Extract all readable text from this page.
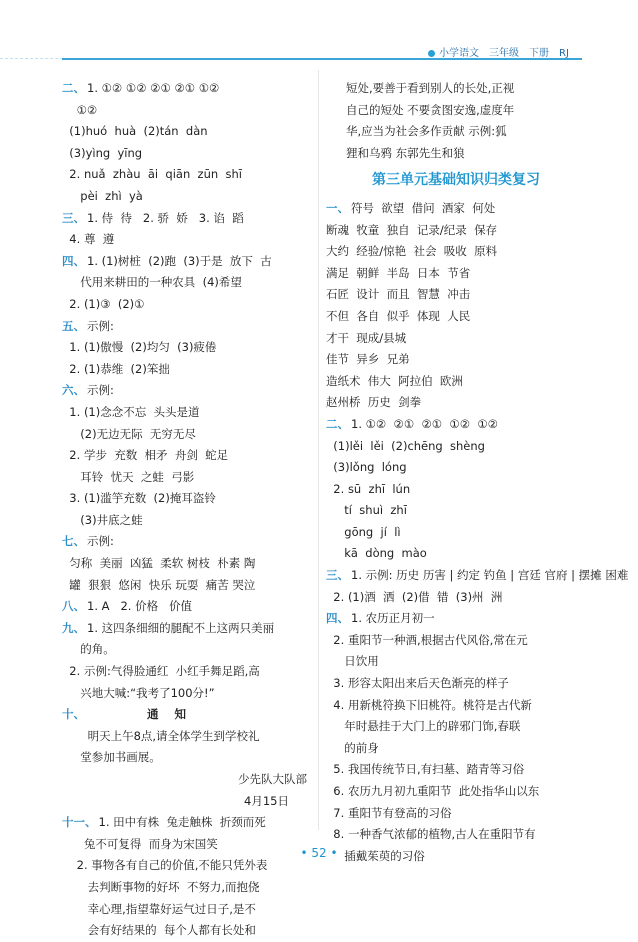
小学语文 三年级 下册 RJ
二、 1. ①② ①② ②① ②① ①②
①②
(1)huó  huà  (2)tán  dàn
(3)yìng  yīng
2. nuǎ  zhàu  āi  qiān  zūn  shī
pèi  zhì  yà
三、 1. 侍  待   2. 骄  娇   3. 谄  蹈
4. 尊  遵
四、 1. (1)树桩  (2)跑  (3)于是  放下  古
代用来耕田的一种农具  (4)希望
2. (1)③  (2)①
五、 示例:
1. (1)傲慢  (2)均匀  (3)疲倦
2. (1)恭维  (2)笨拙
六、 示例:
1. (1)念念不忘  头头是道
(2)无边无际  无穷无尽
2. 学步  充数  相矛  舟剑  蛇足
耳铃  忧天  之蛙  弓影
3. (1)滥竽充数  (2)掩耳盗铃
(3)井底之蛙
七、 示例:
匀称  美丽  凶猛  柔软 树枝  朴素 陶
罐  狠狠  悠闲  快乐 玩耍  痛苦 哭泣
八、 1. A   2. 价格   价值
九、 1. 这四条细细的腿配不上这两只美丽
的角。
2. 示例:气得脸通红  小红手舞足蹈,高
兴地大喊:“我考了100分!”
十、	通 知
明天上午8点,请全体学生到学校礼
堂参加书画展。
少先队大队部
4月15日
十一、 1. 田中有株  兔走触株  折颈而死
兔不可复得  而身为宋国笑
2. 事物各有自己的价值,不能只凭外表
去判断事物的好坏  不努力,而抱侥
幸心理,指望靠好运气过日子,是不
会有好结果的  每个人都有长处和
短处,要善于看到别人的长处,正视
自己的短处 不要贪图安逸,虚度年
华,应当为社会多作贡献 示例:狐
狸和乌鸦 东郭先生和狼
第三单元基础知识归类复习
一、 符号  欲望  借问  酒家  何处
断魂  牧童  独自  记录/纪录  保存
大约  经验/惊艳  社会  吸收  原料
满足  朝鲜  半岛  日本  节省
石匠  设计  而且  智慧  冲击
不但  各自  似乎  体现  人民
才干  现成/县城
佳节  异乡  兄弟
造纸术  伟大  阿拉伯  欧洲
赵州桥  历史  剑拳
二、 1. ①②  ②①  ②①  ①②  ①②
(1)lěi  lěi  (2)chēng  shèng
(3)lǒng  lóng
2. sū  zhī  lún
tí  shuì  zhī
gōng  jí  lì
kā  dòng  mào
三、 1. 示例: 历史 历害 | 约定 钓鱼 | 宫廷 官府 | 摆摊 困难
2. (1)酒  洒  (2)借  错  (3)州  洲
四、 1. 农历正月初一
2. 重阳节一种酒,根据古代风俗,常在元
日饮用
3. 形容太阳出来后天色渐亮的样子
4. 用新桃符换下旧桃符。桃符是古代新
年时悬挂于大门上的辟邪门饰,春联
的前身
5. 我国传统节日,有扫墓、踏青等习俗
6. 农历九月初九重阳节  此处指华山以东
7. 重阳节有登高的习俗
8. 一种香气浓郁的植物,古人在重阳节有
插戴茱萸的习俗
• 52 •
